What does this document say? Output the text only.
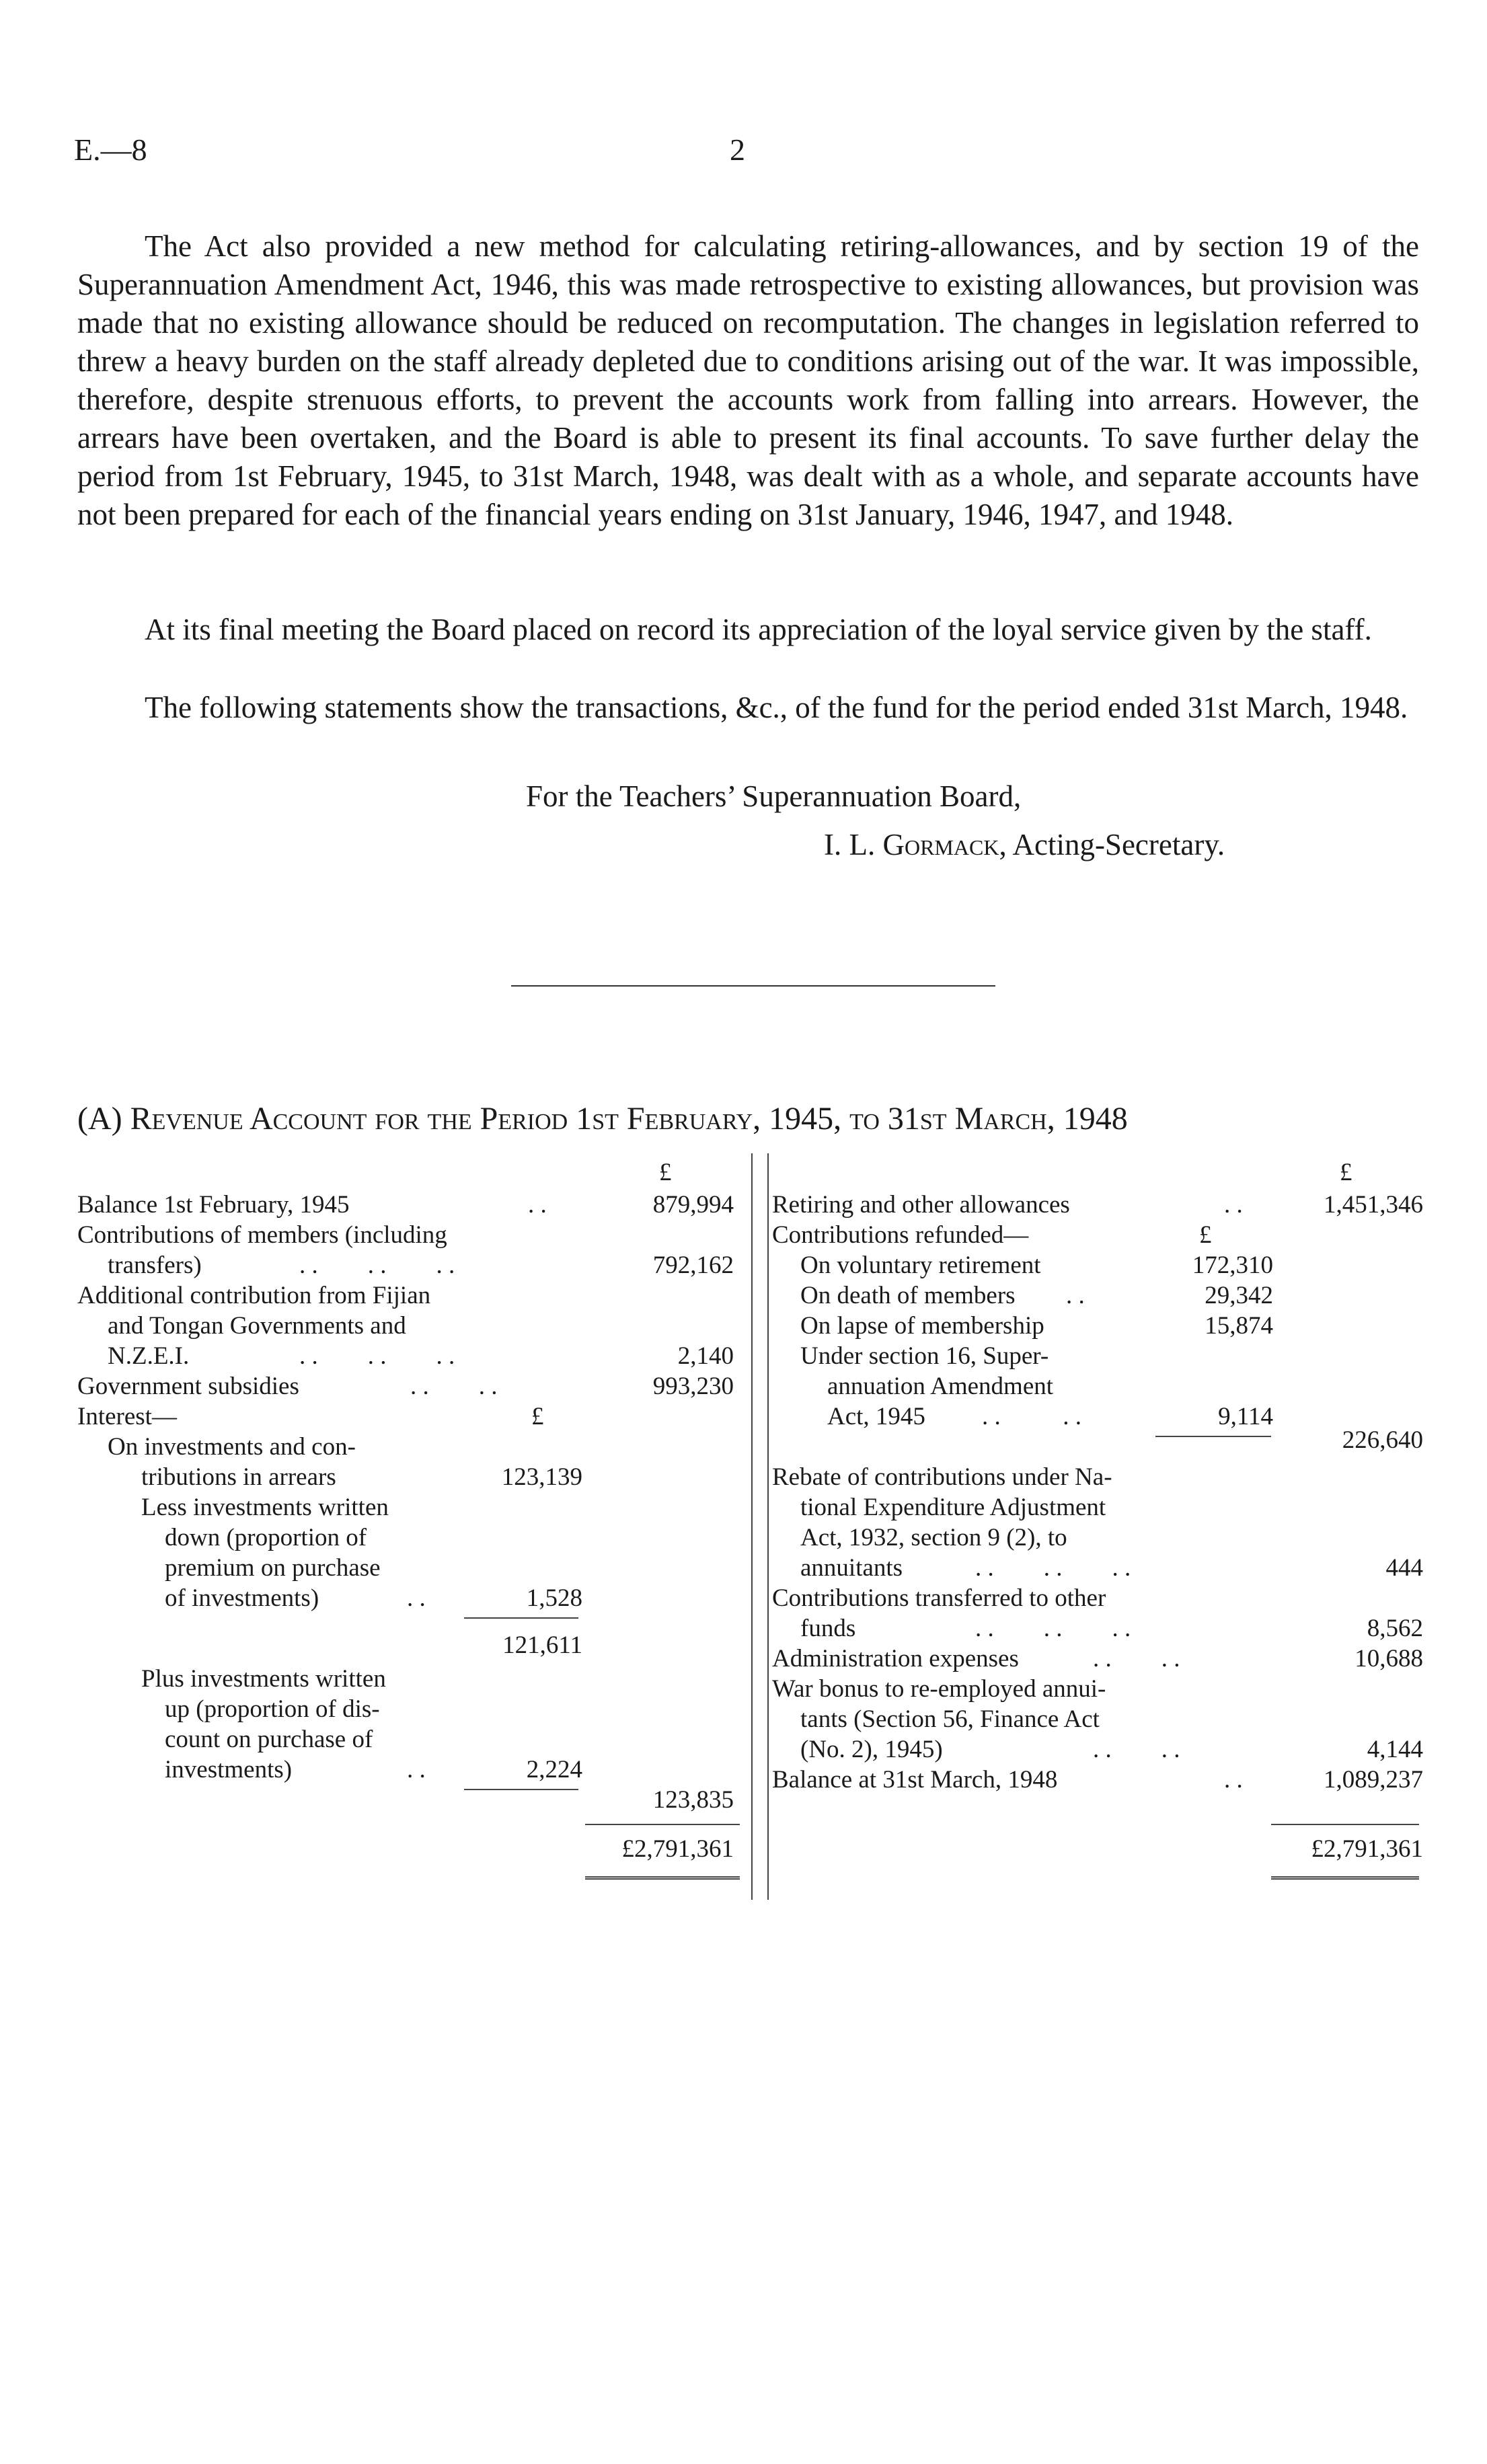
E.—8	2

The Act also provided a new method for calculating retiring-allowances, and by section 19 of the Superannuation Amendment Act, 1946, this was made retrospective to existing allowances, but provision was made that no existing allowance should be reduced on recomputation. The changes in legislation referred to threw a heavy burden on the staff already depleted due to conditions arising out of the war. It was impossible, therefore, despite strenuous efforts, to prevent the accounts work from falling into arrears. However, the arrears have been overtaken, and the Board is able to present its final accounts. To save further delay the period from 1st February, 1945, to 31st March, 1948, was dealt with as a whole, and separate accounts have not been prepared for each of the financial years ending on 31st January, 1946, 1947, and 1948.

At its final meeting the Board placed on record its appreciation of the loyal service given by the staff.

The following statements show the transactions, &c., of the fund for the period ended 31st March, 1948.

For the Teachers’ Superannuation Board,
I. L. Gormack, Acting-Secretary.
(A) Revenue Account for the Period 1st February, 1945, to 31st March, 1948
£	£
Balance 1st February, 1945	. .	879,994
Contributions of members (including
transfers)	. .        . .        . .	792,162
Additional contribution from Fijian
and Tongan Governments and
N.Z.E.I.	. .        . .        . .	2,140
Government subsidies	. .        . .	993,230
Interest—	£
On investments and con-
tributions in arrears	123,139
Less investments written
down (proportion of
premium on purchase
of investments)	. .	1,528
121,611
Plus investments written
up (proportion of dis-
count on purchase of
investments)	. .	2,224
123,835
£2,791,361
Retiring and other allowances	. .	1,451,346
Contributions refunded—	£
On voluntary retirement	172,310
On death of members . .	29,342
On lapse of membership	15,874
Under section 16, Super-
annuation Amendment
Act, 1945 . .          . .	9,114
226,640
Rebate of contributions under Na-
tional Expenditure Adjustment
Act, 1932, section 9 (2), to
annuitants	. .        . .        . .	444
Contributions transferred to other
funds	. .        . .        . .	8,562
Administration expenses	. .        . .	10,688
War bonus to re-employed annui-
tants (Section 56, Finance Act
(No. 2), 1945)	. .        . .	4,144
Balance at 31st March, 1948	. .	1,089,237
£2,791,361
